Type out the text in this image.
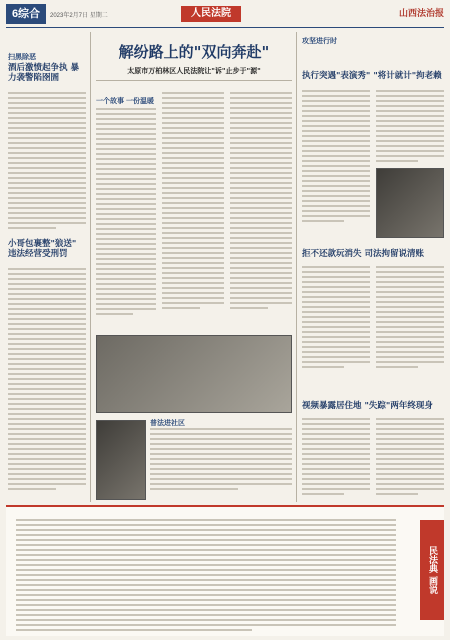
6综合	2023年2月7日 星期二	人民法院	山西法治报
扫黑除恶
酒后激愤起争执 暴力袭警陷囹圄
小哥包裹整"狼送" 违法经营受刑罚
解纷路上的"双向奔赴"
太原市万柏林区人民法院让"诉"止步于"源"
一个故事 一份温暖
普法进社区
攻坚进行时
执行突遇"表演秀" "将计就计"拘老赖
拒不还款玩消失 司法拘留说清账
视频暴露居住地 "失踪"两年终现身
民法典 画说
